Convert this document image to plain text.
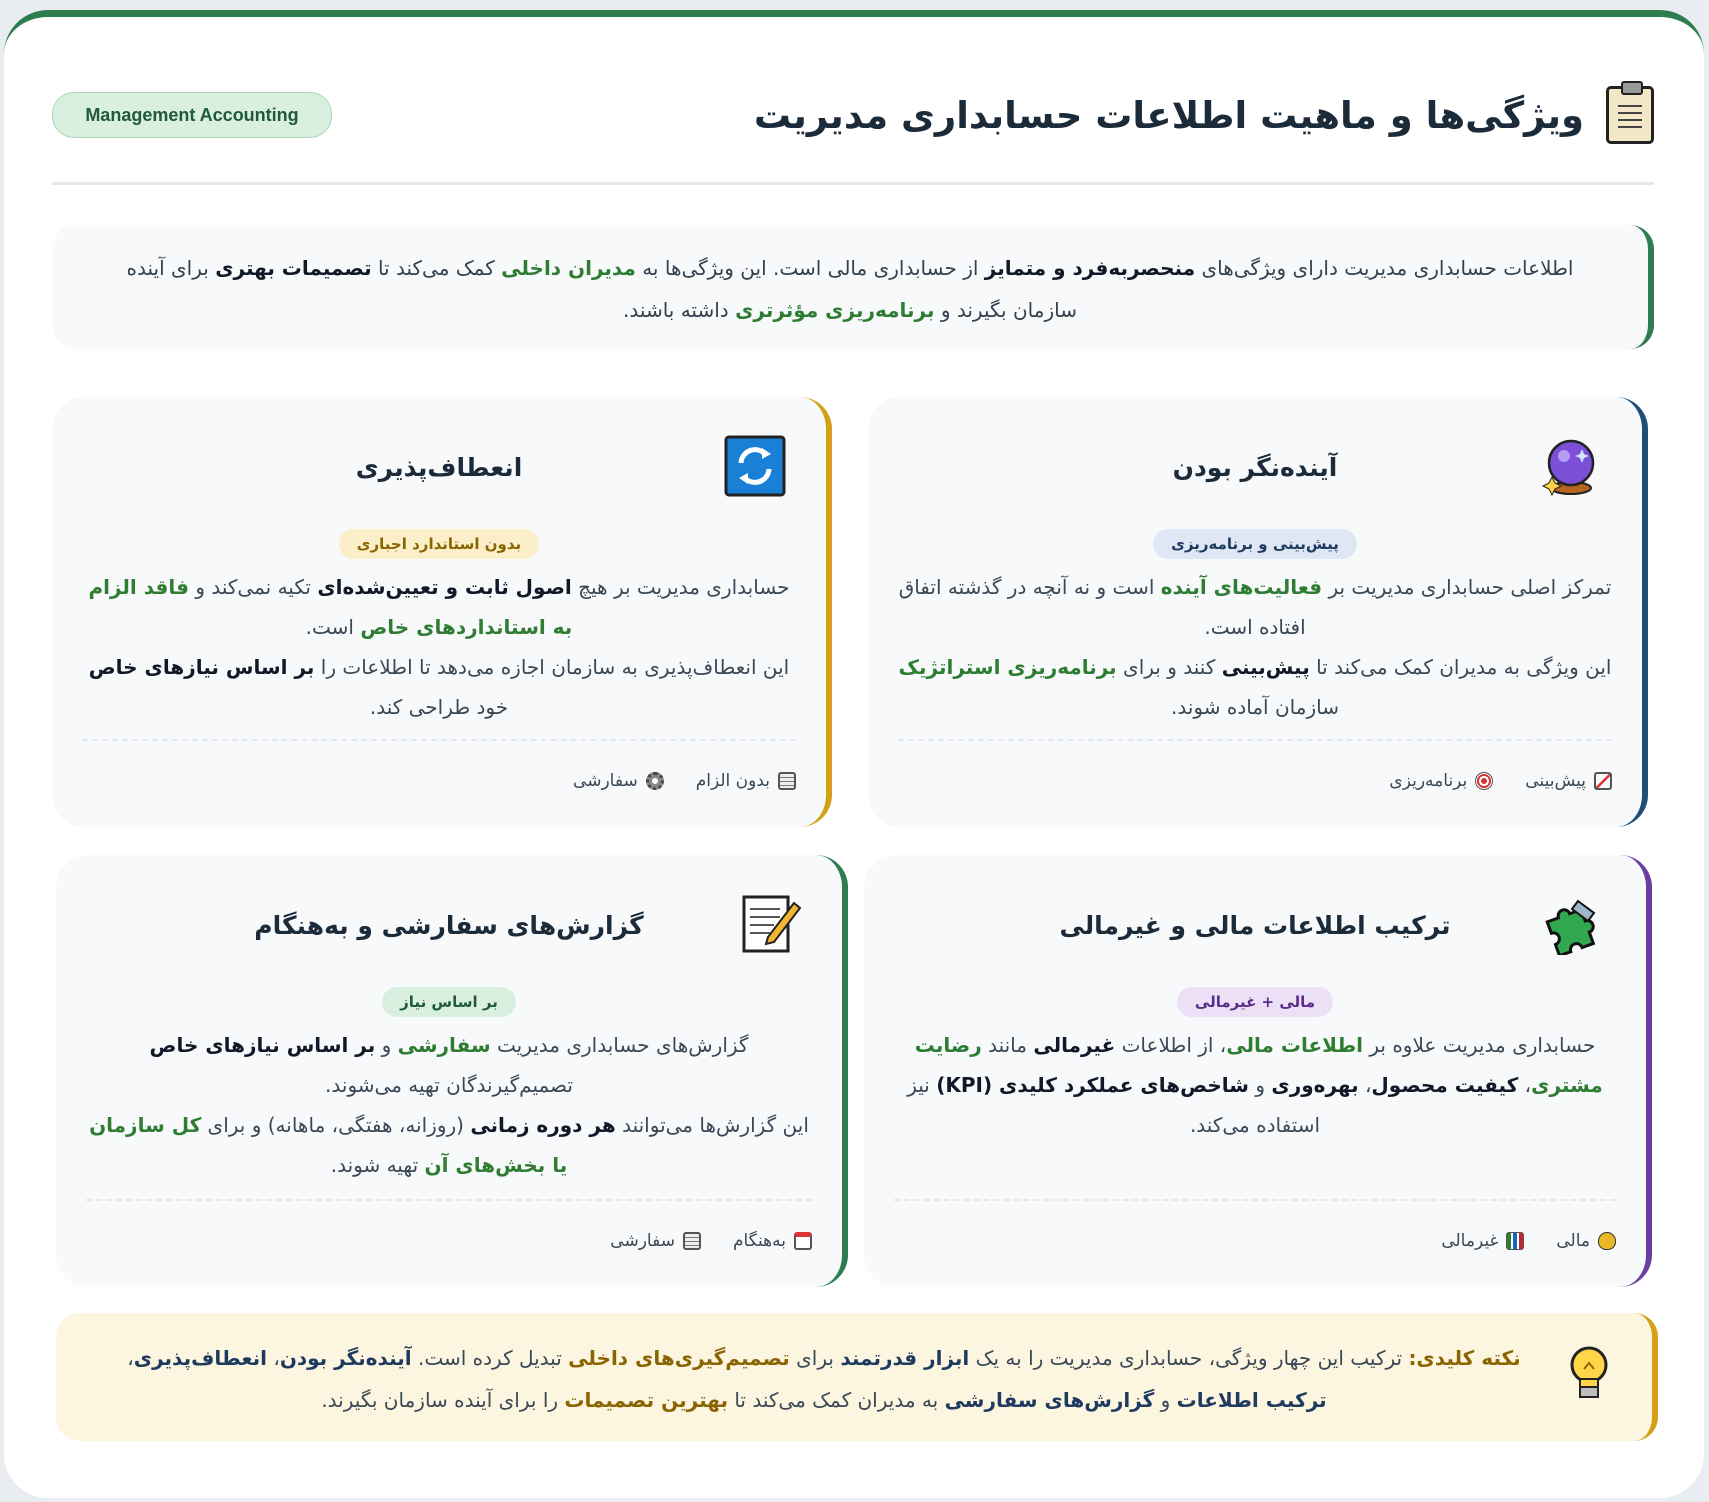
ویژگی‌ها و ماهیت اطلاعات حسابداری مدیریت
Management Accounting
اطلاعات حسابداری مدیریت دارای ویژگی‌های منحصربه‌فرد و متمایز از حسابداری مالی است. این ویژگی‌ها به مدیران داخلی کمک می‌کند تا تصمیمات بهتری برای آینده سازمان بگیرند و برنامه‌ریزی مؤثرتری داشته باشند.
آینده‌نگر بودن
پیش‌بینی و برنامه‌ریزی
تمرکز اصلی حسابداری مدیریت بر فعالیت‌های آینده است و نه آنچه در گذشته اتفاق افتاده است.
این ویژگی به مدیران کمک می‌کند تا پیش‌بینی کنند و برای برنامه‌ریزی استراتژیک سازمان آماده شوند.
پیش‌بینی
برنامه‌ریزی
انعطاف‌پذیری
بدون استاندارد اجباری
حسابداری مدیریت بر هیچ اصول ثابت و تعیین‌شده‌ای تکیه نمی‌کند و فاقد الزام به استانداردهای خاص است.
این انعطاف‌پذیری به سازمان اجازه می‌دهد تا اطلاعات را بر اساس نیازهای خاص خود طراحی کند.
بدون الزام
سفارشی
ترکیب اطلاعات مالی و غیرمالی
مالی + غیرمالی
حسابداری مدیریت علاوه بر اطلاعات مالی، از اطلاعات غیرمالی مانند رضایت مشتری، کیفیت محصول، بهره‌وری و شاخص‌های عملکرد کلیدی (KPI) نیز استفاده می‌کند.
مالی
غیرمالی
گزارش‌های سفارشی و به‌هنگام
بر اساس نیاز
گزارش‌های حسابداری مدیریت سفارشی و بر اساس نیازهای خاص تصمیم‌گیرندگان تهیه می‌شوند.
این گزارش‌ها می‌توانند هر دوره زمانی (روزانه، هفتگی، ماهانه) و برای کل سازمان یا بخش‌های آن تهیه شوند.
به‌هنگام
سفارشی
نکته کلیدی: ترکیب این چهار ویژگی، حسابداری مدیریت را به یک ابزار قدرتمند برای تصمیم‌گیری‌های داخلی تبدیل کرده است. آینده‌نگر بودن، انعطاف‌پذیری، ترکیب اطلاعات و گزارش‌های سفارشی به مدیران کمک می‌کند تا بهترین تصمیمات را برای آینده سازمان بگیرند.
